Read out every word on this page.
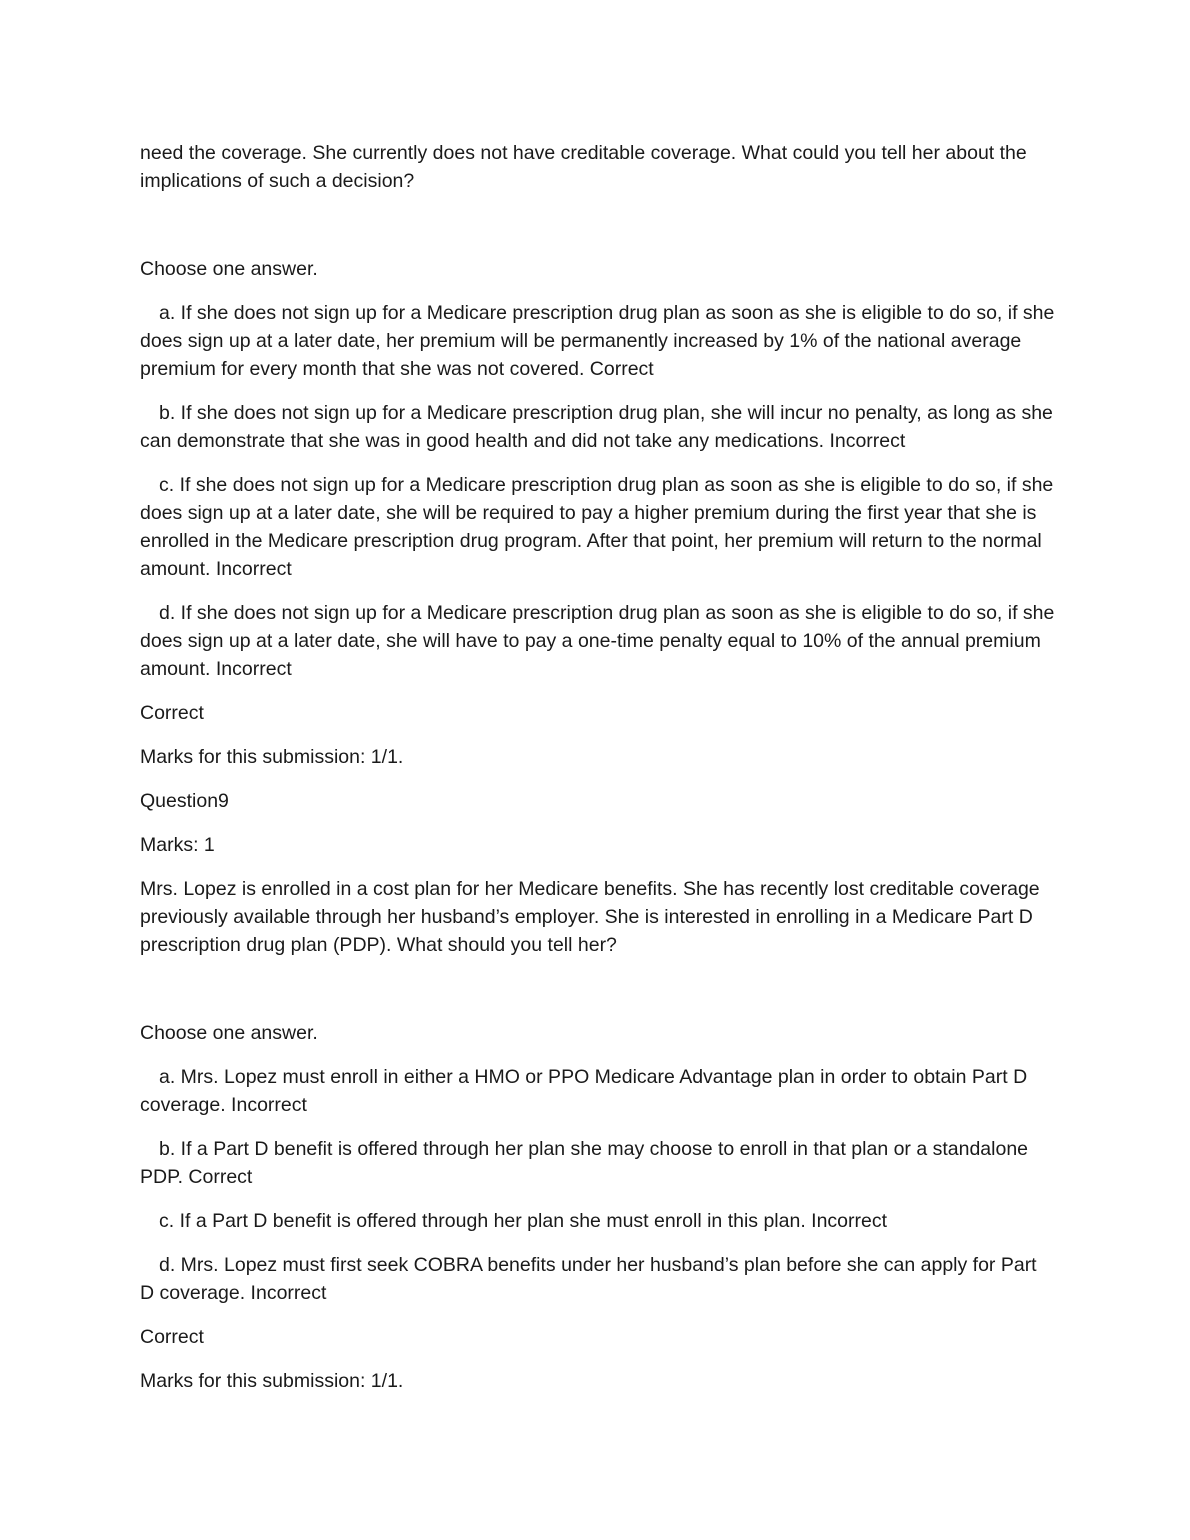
need the coverage. She currently does not have creditable coverage. What could you tell her about the implications of such a decision?

Choose one answer.

a. If she does not sign up for a Medicare prescription drug plan as soon as she is eligible to do so, if she does sign up at a later date, her premium will be permanently increased by 1% of the national average premium for every month that she was not covered. Correct

b. If she does not sign up for a Medicare prescription drug plan, she will incur no penalty, as long as she can demonstrate that she was in good health and did not take any medications. Incorrect

c. If she does not sign up for a Medicare prescription drug plan as soon as she is eligible to do so, if she does sign up at a later date, she will be required to pay a higher premium during the first year that she is enrolled in the Medicare prescription drug program. After that point, her premium will return to the normal amount. Incorrect

d. If she does not sign up for a Medicare prescription drug plan as soon as she is eligible to do so, if she does sign up at a later date, she will have to pay a one-time penalty equal to 10% of the annual premium amount. Incorrect

Correct

Marks for this submission: 1/1.

Question9

Marks: 1

Mrs. Lopez is enrolled in a cost plan for her Medicare benefits. She has recently lost creditable coverage previously available through her husband’s employer. She is interested in enrolling in a Medicare Part D prescription drug plan (PDP). What should you tell her?

Choose one answer.

a. Mrs. Lopez must enroll in either a HMO or PPO Medicare Advantage plan in order to obtain Part D coverage. Incorrect

b. If a Part D benefit is offered through her plan she may choose to enroll in that plan or a standalone PDP. Correct

c. If a Part D benefit is offered through her plan she must enroll in this plan. Incorrect

d. Mrs. Lopez must first seek COBRA benefits under her husband’s plan before she can apply for Part D coverage. Incorrect

Correct

Marks for this submission: 1/1.
